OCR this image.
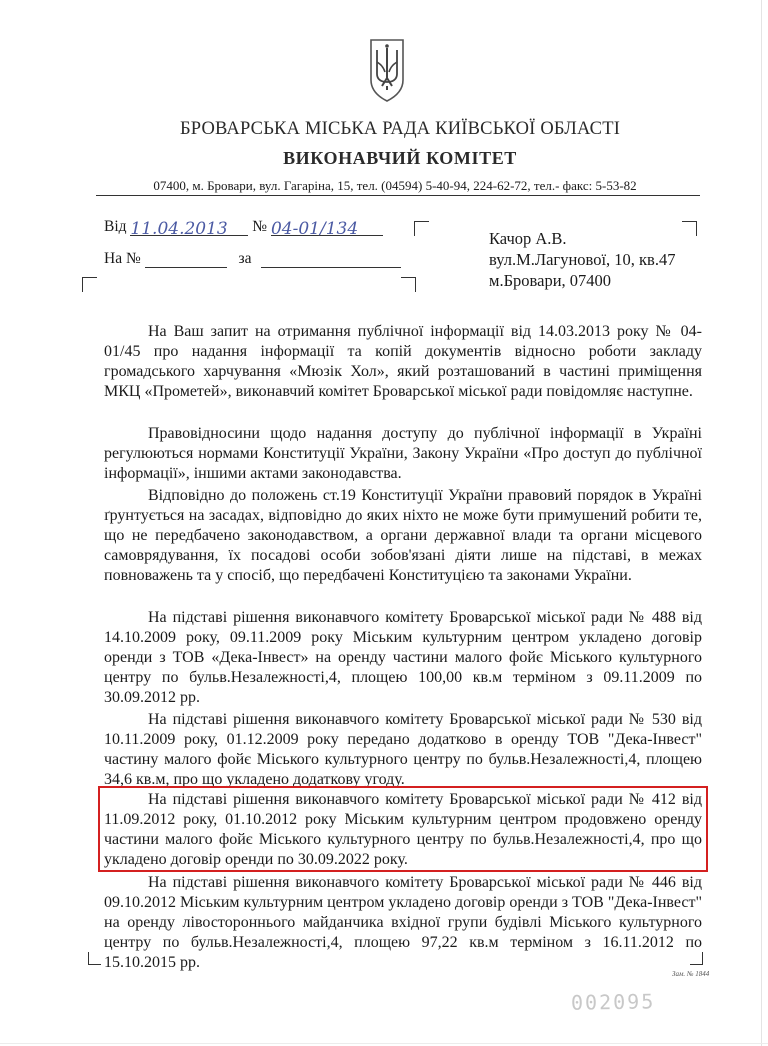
БРОВАРСЬКА МІСЬКА РАДА КИЇВСЬКОЇ ОБЛАСТІ
ВИКОНАВЧИЙ КОМІТЕТ
07400, м. Бровари, вул. Гагаріна, 15, тел. (04594) 5-40-94, 224-62-72, тел.- факс: 5-53-82
Від 11.04.2013 № 04-01/134
На №	за
Качор А.В.
вул.М.Лагунової, 10, кв.47
м.Бровари, 07400

На Ваш запит на отримання публічної інформації від 14.03.2013 року № 04-01/45 про надання інформації та копій документів відносно роботи закладу громадського харчування «Мюзік Хол», який розташований в частині приміщення МКЦ «Прометей», виконавчий комітет Броварської міської ради повідомляє наступне.

Правовідносини щодо надання доступу до публічної інформації в Україні регулюються нормами Конституції України, Закону України «Про доступ до публічної інформації», іншими актами законодавства.

Відповідно до положень ст.19 Конституції України правовий порядок в Україні ґрунтується на засадах, відповідно до яких ніхто не може бути примушений робити те, що не передбачено законодавством, а органи державної влади та органи місцевого самоврядування, їх посадові особи зобов'язані діяти лише на підставі, в межах повноважень та у спосіб, що передбачені Конституцією та законами України.

На підставі рішення виконавчого комітету Броварської міської ради № 488 від 14.10.2009 року, 09.11.2009 року Міським культурним центром укладено договір оренди з ТОВ «Дека-Інвест» на оренду частини малого фойє Міського культурного центру по бульв.Незалежності,4, площею 100,00 кв.м терміном з 09.11.2009 по 30.09.2012 рр.

На підставі рішення виконавчого комітету Броварської міської ради № 530 від 10.11.2009 року, 01.12.2009 року передано додатково в оренду ТОВ "Дека-Інвест" частину малого фойє Міського культурного центру по бульв.Незалежності,4, площею 34,6 кв.м, про що укладено додаткову угоду.

На підставі рішення виконавчого комітету Броварської міської ради № 412 від 11.09.2012 року, 01.10.2012 року Міським культурним центром продовжено оренду частини малого фойє Міського культурного центру по бульв.Незалежності,4, про що укладено договір оренди по 30.09.2022 року.

На підставі рішення виконавчого комітету Броварської міської ради № 446 від 09.10.2012 Міським культурним центром укладено договір оренди з ТОВ "Дека-Інвест" на оренду лівостороннього майданчика вхідної групи будівлі Міського культурного центру по бульв.Незалежності,4, площею 97,22 кв.м терміном з 16.11.2012 по 15.10.2015 рр.

Зам. № 1844
002095
